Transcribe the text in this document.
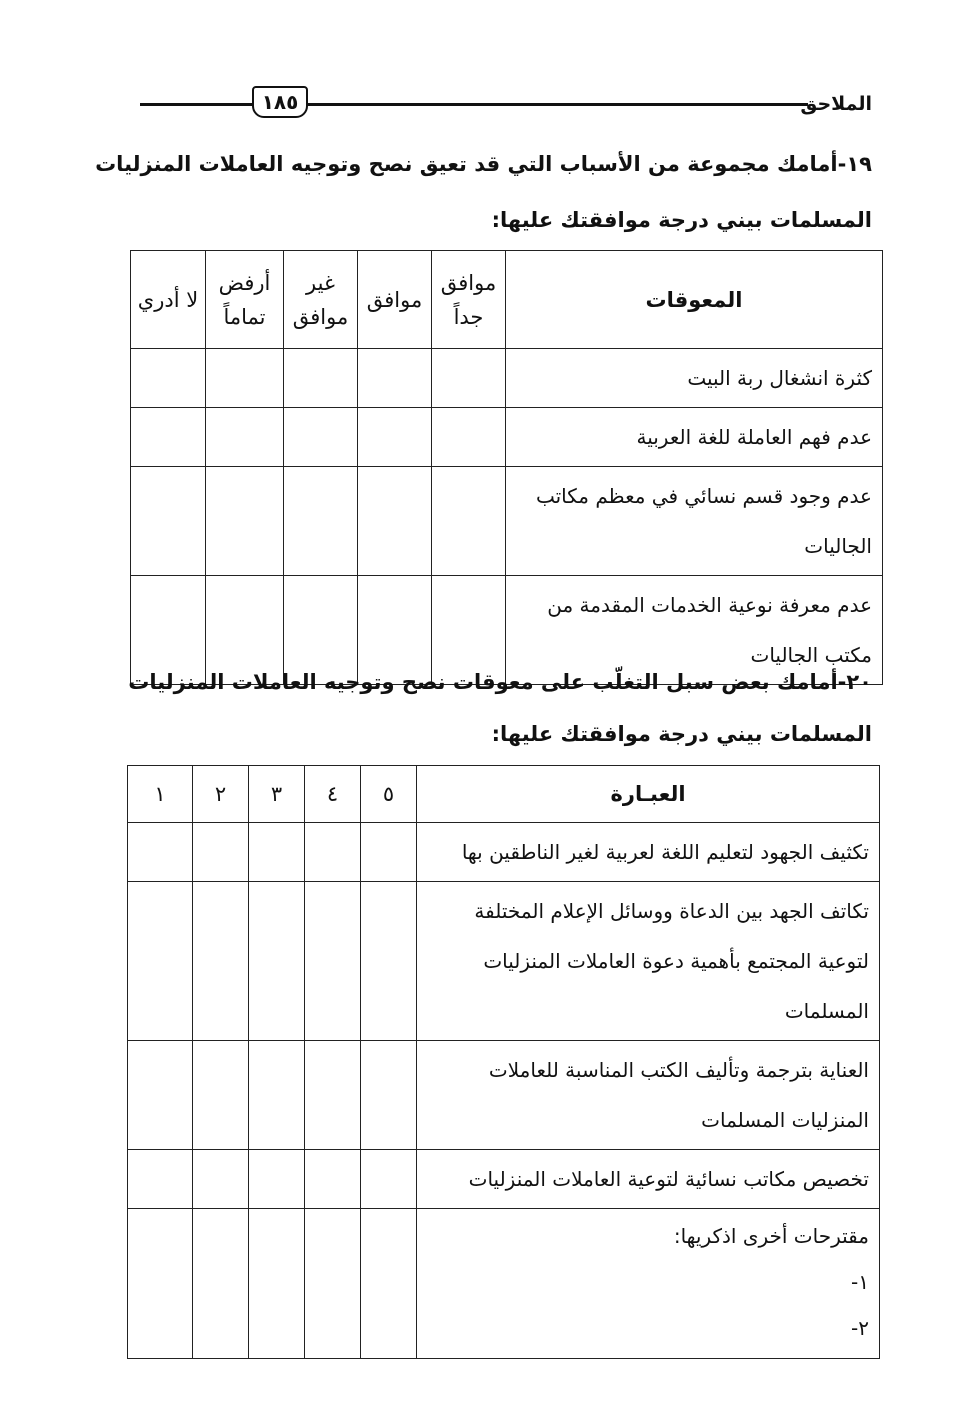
١٨٥	الملاحق
١٩-أمامك مجموعة من الأسباب التي قد تعيق نصح وتوجيه العاملات المنزليات
المسلمات بيني درجة موافقتك عليها:
المعوقات	موافق جداً	موافق	غير موافق	أرفض تماماً	لا أدري
كثرة انشغال ربة البيت					
عدم فهم العاملة للغة العربية					
عدم وجود قسم نسائي في معظم مكاتب الجاليات					
عدم معرفة نوعية الخدمات المقدمة من مكتب الجاليات					
٢٠-أمامك بعض سبل التغلّب على معوقات نصح وتوجيه العاملات المنزليات
المسلمات بيني درجة موافقتك عليها:
العبـارة	٥	٤	٣	٢	١
تكثيف الجهود لتعليم اللغة لعربية لغير الناطقين بها					
تكاتف الجهد بين الدعاة ووسائل الإعلام المختلفة لتوعية المجتمع بأهمية دعوة العاملات المنزليات المسلمات					
العناية بترجمة وتأليف الكتب المناسبة للعاملات المنزليات المسلمات					
تخصيص مكاتب نسائية لتوعية العاملات المنزليات					

مقترحات أخرى اذكريها:
١-
٢-					
